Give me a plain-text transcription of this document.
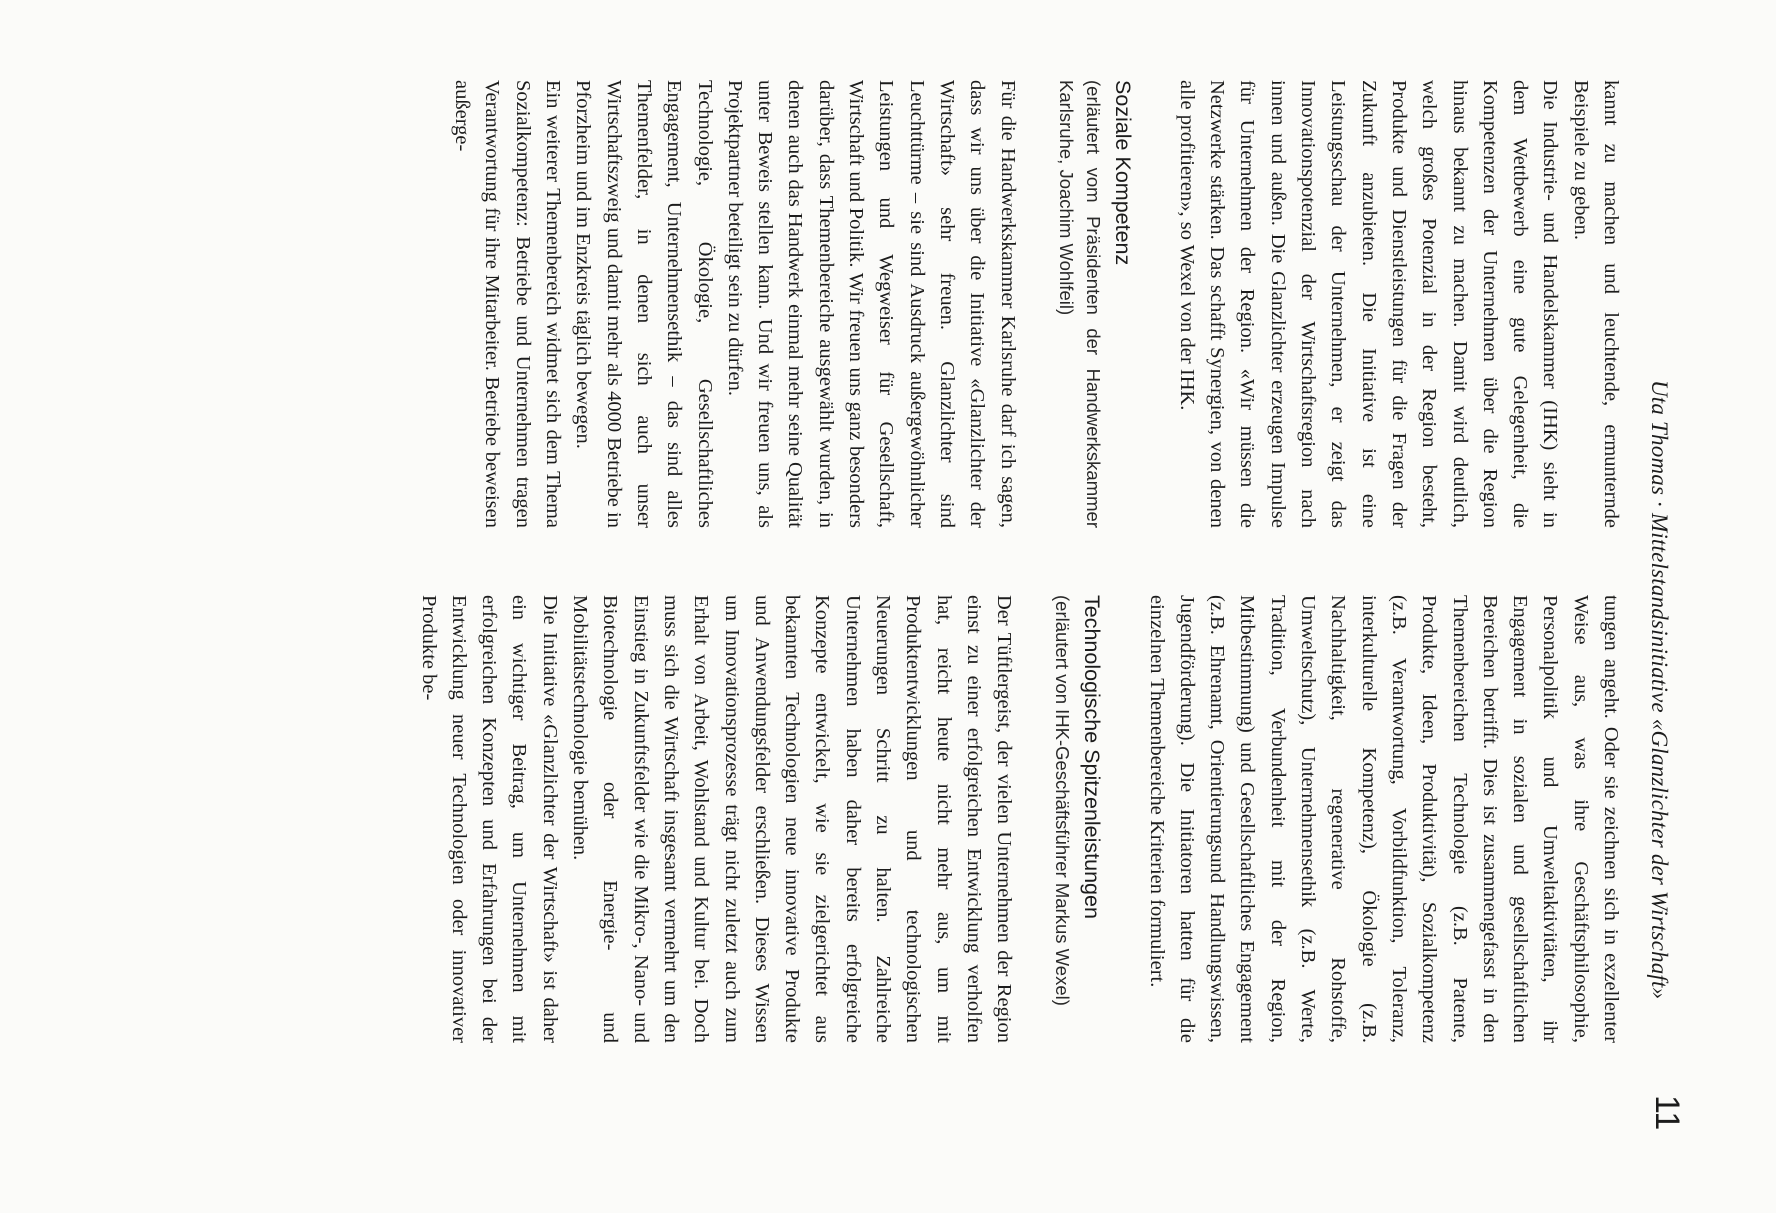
Uta Thomas · Mittelstandsinitiative «Glanzlichter der Wirtschaft»
11

tungen angeht. Oder sie zeichnen sich in exzellenter Weise aus, was ihre Geschäftsphilosophie, Personalpolitik und Umweltaktivitäten, ihr Engagement in sozialen und gesellschaftlichen Bereichen betrifft. Dies ist zusammengefasst in den Themenbereichen Technologie (z.B. Patente, Produkte, Ideen, Produktivität), Sozialkompetenz (z.B. Verantwortung, Vorbildfunktion, Toleranz, interkulturelle Kompetenz), Ökologie (z.B. Nachhaltigkeit, regenerative Rohstoffe, Umweltschutz), Unternehmensethik (z.B. Werte, Tradition, Verbundenheit mit der Region, Mitbestimmung) und Gesellschaftliches Engagement (z.B. Ehrenamt, Orientierungsund Handlungswissen, Jugendförderung). Die Initiatoren hatten für die einzelnen Themenbereiche Kriterien formuliert.

Technologische Spitzenleistungen
(erläutert von IHK-Geschäftsführer Markus Wexel)

Der Tüftlergeist, der vielen Unternehmen der Region einst zu einer erfolgreichen Entwicklung verholfen hat, reicht heute nicht mehr aus, um mit Produktentwicklungen und technologischen Neuerungen Schritt zu halten. Zahlreiche Unternehmen haben daher bereits erfolgreiche Konzepte entwickelt, wie sie zielgerichtet aus bekannten Technologien neue innovative Produkte und Anwendungsfelder erschließen. Dieses Wissen um Innovationsprozesse trägt nicht zuletzt auch zum Erhalt von Arbeit, Wohlstand und Kultur bei. Doch muss sich die Wirtschaft insgesamt vermehrt um den Einstieg in Zukunftsfelder wie die Mikro-, Nano- und Biotechnologie oder Energie- und Mobilitätstechnologie bemühen.

Die Initiative «Glanzlichter der Wirtschaft» ist daher ein wichtiger Beitrag, um Unternehmen mit erfolgreichen Konzepten und Erfahrungen bei der Entwicklung neuer Technologien oder innovativer Produkte be-

kannt zu machen und leuchtende, ermunternde Beispiele zu geben.

Die Industrie- und Handelskammer (IHK) sieht in dem Wettbewerb eine gute Gelegenheit, die Kompetenzen der Unternehmen über die Region hinaus bekannt zu machen. Damit wird deutlich, welch großes Potenzial in der Region besteht, Produkte und Dienstleistungen für die Fragen der Zukunft anzubieten. Die Initiative ist eine Leistungsschau der Unternehmen, er zeigt das Innovationspotenzial der Wirtschaftsregion nach innen und außen. Die Glanzlichter erzeugen Impulse für Unternehmen der Region. «Wir müssen die Netzwerke stärken. Das schafft Synergien, von denen alle profitieren», so Wexel von der IHK.

Soziale Kompetenz
(erläutert vom Präsidenten der Handwerkskammer Karlsruhe, Joachim Wohlfeil)

Für die Handwerkskammer Karlsruhe darf ich sagen, dass wir uns über die Initiative «Glanzlichter der Wirtschaft» sehr freuen. Glanzlichter sind Leuchttürme – sie sind Ausdruck außergewöhnlicher Leistungen und Wegweiser für Gesellschaft, Wirtschaft und Politik. Wir freuen uns ganz besonders darüber, dass Themenbereiche ausgewählt wurden, in denen auch das Handwerk einmal mehr seine Qualität unter Beweis stellen kann. Und wir freuen uns, als Projektpartner beteiligt sein zu dürfen.

Technologie, Ökologie, Gesellschaftliches Engagement, Unternehmensethik – das sind alles Themenfelder, in denen sich auch unser Wirtschaftszweig und damit mehr als 4000 Betriebe in Pforzheim und im Enzkreis täglich bewegen.

Ein weiterer Themenbereich widmet sich dem Thema Sozialkompetenz: Betriebe und Unternehmen tragen Verantwortung für ihre Mitarbeiter. Betriebe beweisen außerge-
